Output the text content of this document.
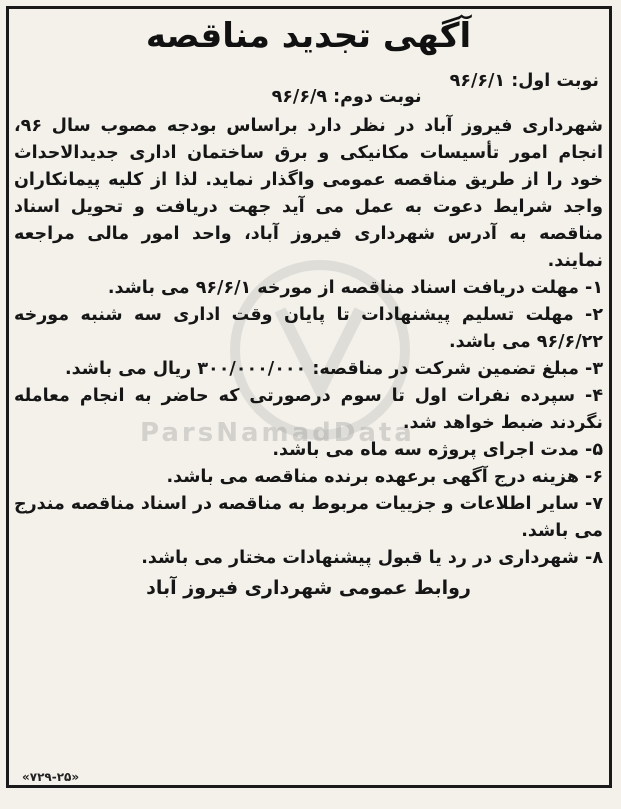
ParsNamadData
آگهی تجدید مناقصه
نوبت اول: ۹۶/۶/۱
نوبت دوم: ۹۶/۶/۹

شهرداری فیروز آباد در نظر دارد براساس بودجه مصوب سال ۹۶، انجام امور تأسیسات مکانیکی و برق ساختمان اداری جدیدالاحداث خود را از طریق مناقصه عمومی واگذار نماید. لذا از کلیه پیمانکاران واجد شرایط دعوت به عمل می آید جهت دریافت و تحویل اسناد مناقصه به آدرس شهرداری فیروز آباد، واحد امور مالی مراجعه نمایند.

۱- مهلت دریافت اسناد مناقصه از مورخه ۹۶/۶/۱ می باشد.
۲- مهلت تسلیم پیشنهادات تا پایان وقت اداری سه شنبه مورخه ۹۶/۶/۲۲ می باشد.
۳- مبلغ تضمین شرکت در مناقصه: ۳۰۰/۰۰۰/۰۰۰ ریال می باشد.
۴- سپرده نفرات اول تا سوم درصورتی که حاضر به انجام معامله نگردند ضبط خواهد شد.
۵- مدت اجرای پروژه سه ماه می باشد.
۶- هزینه درج آگهی برعهده برنده مناقصه می باشد.
۷- سایر اطلاعات و جزییات مربوط به مناقصه در اسناد مناقصه مندرج می باشد.
۸- شهرداری در رد یا قبول پیشنهادات مختار می باشد.
روابط عمومی شهرداری فیروز آباد
«۷۲۹-۲۵»
